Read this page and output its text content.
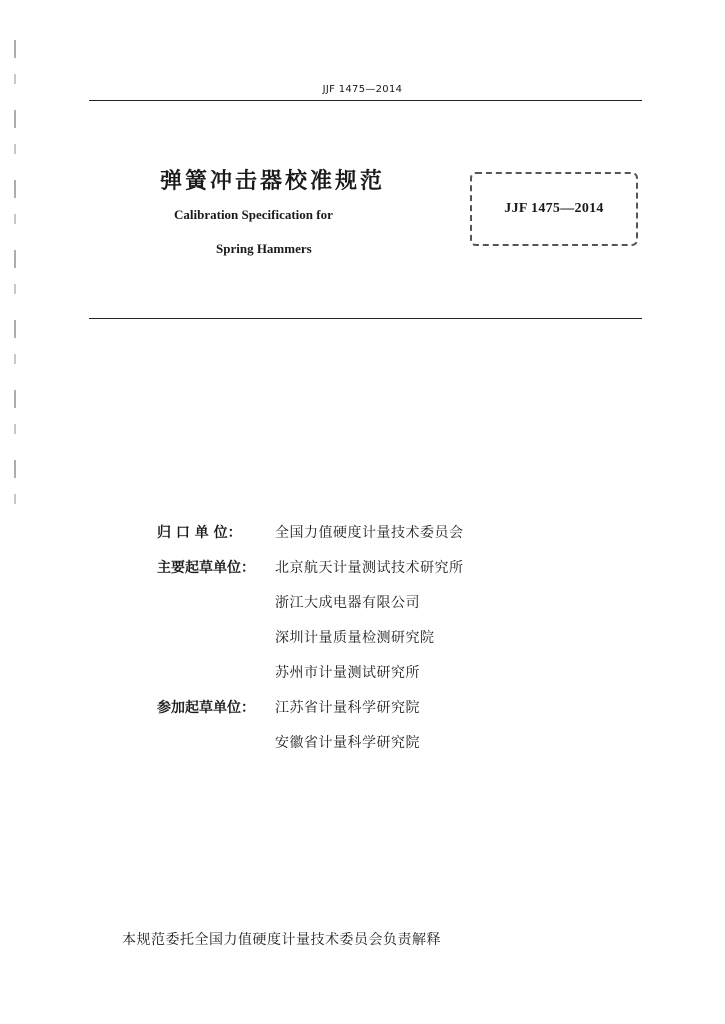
JJF 1475—2014
弹簧冲击器校准规范
Calibration Specification for
Spring Hammers
JJF 1475—2014
归 口 单 位：	全国力值硬度计量技术委员会
主要起草单位：	北京航天计量测试技术研究所
浙江大成电器有限公司
深圳计量质量检测研究院
苏州市计量测试研究所
参加起草单位：	江苏省计量科学研究院
安徽省计量科学研究院
本规范委托全国力值硬度计量技术委员会负责解释
